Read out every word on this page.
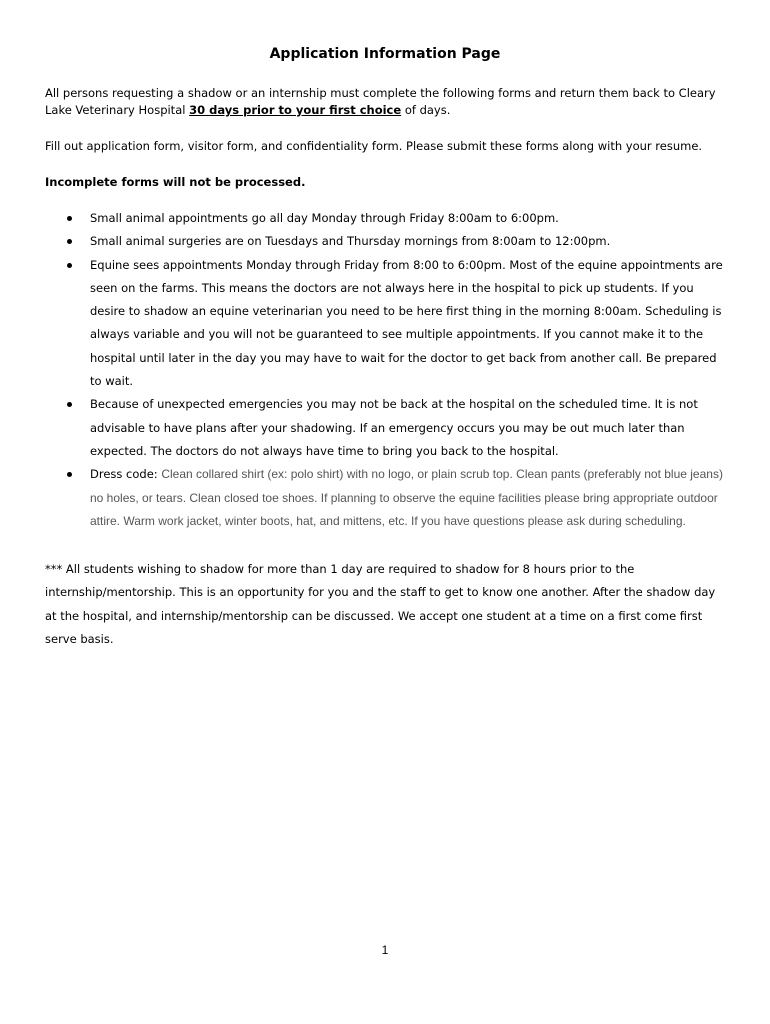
Application Information Page
All persons requesting a shadow or an internship must complete the following forms and return them back to Cleary Lake Veterinary Hospital 30 days prior to your first choice of days.
Fill out application form, visitor form, and confidentiality form. Please submit these forms along with your resume.
Incomplete forms will not be processed.
Small animal appointments go all day Monday through Friday 8:00am to 6:00pm.
Small animal surgeries are on Tuesdays and Thursday mornings from 8:00am to 12:00pm.
Equine sees appointments Monday through Friday from 8:00 to 6:00pm. Most of the equine appointments are seen on the farms. This means the doctors are not always here in the hospital to pick up students. If you desire to shadow an equine veterinarian you need to be here first thing in the morning 8:00am. Scheduling is always variable and you will not be guaranteed to see multiple appointments. If you cannot make it to the hospital until later in the day you may have to wait for the doctor to get back from another call. Be prepared to wait.
Because of unexpected emergencies you may not be back at the hospital on the scheduled time. It is not advisable to have plans after your shadowing. If an emergency occurs you may be out much later than expected. The doctors do not always have time to bring you back to the hospital.
Dress code: Clean collared shirt (ex: polo shirt) with no logo, or plain scrub top. Clean pants (preferably not blue jeans) no holes, or tears. Clean closed toe shoes. If planning to observe the equine facilities please bring appropriate outdoor attire. Warm work jacket, winter boots, hat, and mittens, etc. If you have questions please ask during scheduling.
*** All students wishing to shadow for more than 1 day are required to shadow for 8 hours prior to the internship/mentorship. This is an opportunity for you and the staff to get to know one another. After the shadow day at the hospital, and internship/mentorship can be discussed. We accept one student at a time on a first come first serve basis.
1
